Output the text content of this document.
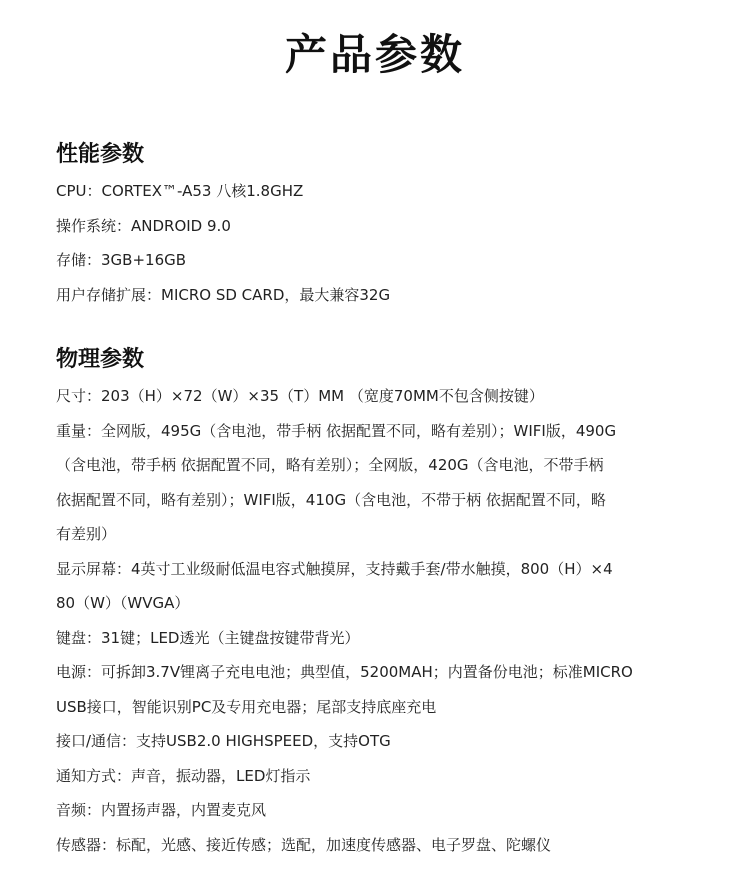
产品参数
性能参数

CPU：CORTEX™-A53 八核1.8GHZ

操作系统：ANDROID 9.0

存储：3GB+16GB

用户存储扩展：MICRO SD CARD，最大兼容32G

物理参数

尺寸：203（H）×72（W）×35（T）MM （宽度70MM不包含侧按键）

重量：全网版，495G（含电池，带手柄 依据配置不同，略有差别）；WIFI版，490G
（含电池，带手柄 依据配置不同，略有差别）；全网版，420G（含电池，不带手柄
依据配置不同，略有差别）；WIFI版，410G（含电池，不带于柄 依据配置不同，略
有差别）

显示屏幕：4英寸工业级耐低温电容式触摸屏，支持戴手套/带水触摸，800（H）×4
80（W）（WVGA）

键盘：31键；LED透光（主键盘按键带背光）

电源：可拆卸3.7V锂离子充电电池；典型值，5200MAH；内置备份电池；标准MICRO
USB接口，智能识别PC及专用充电器；尾部支持底座充电

接口/通信：支持USB2.0 HIGHSPEED，支持OTG

通知方式：声音，振动器，LED灯指示

音频：内置扬声器，内置麦克风

传感器：标配，光感、接近传感；选配，加速度传感器、电子罗盘、陀螺仪
